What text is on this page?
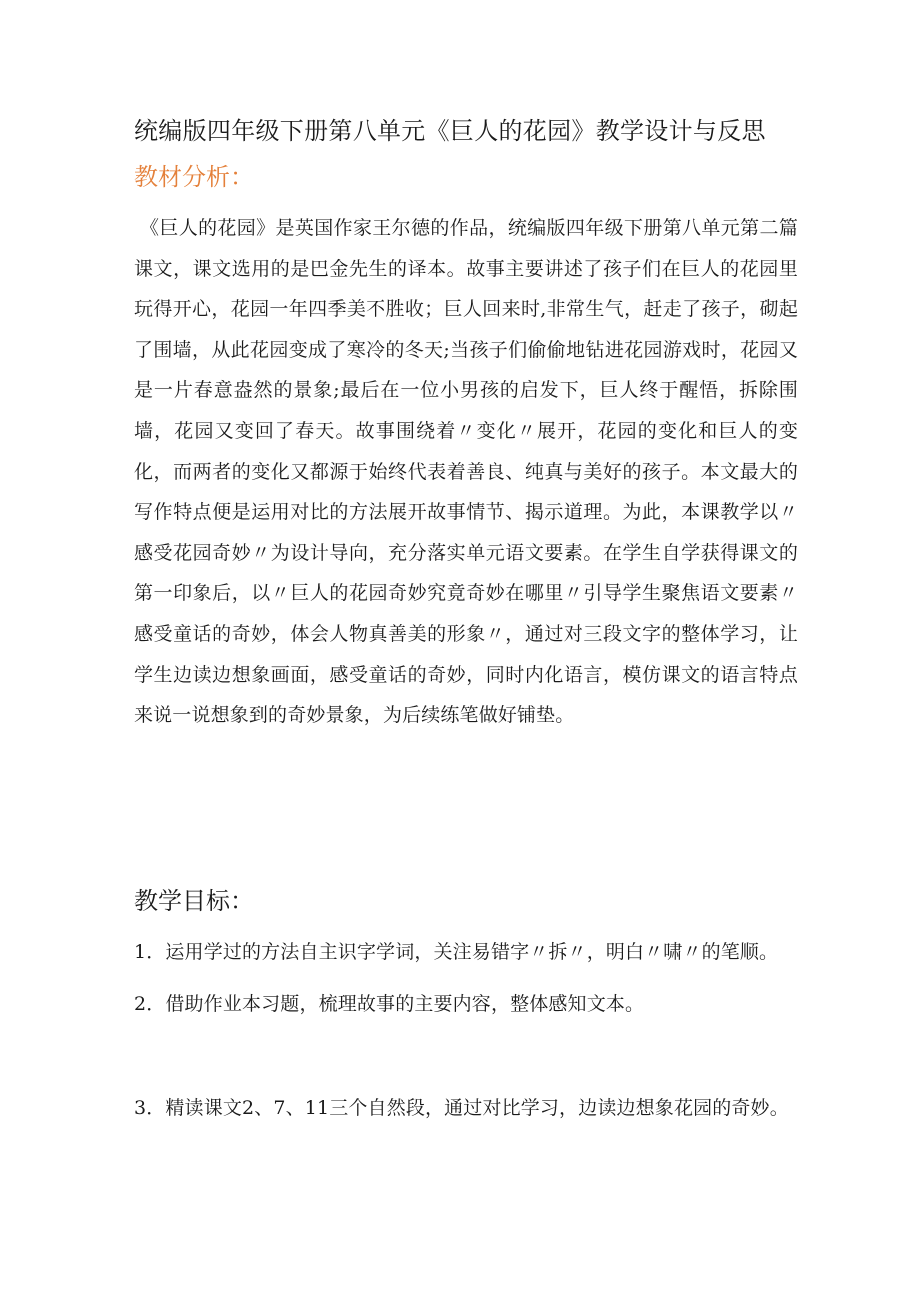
统编版四年级下册第八单元《巨人的花园》教学设计与反思
教材分析：
《巨人的花园》是英国作家王尔德的作品，统编版四年级下册第八单元第二篇课文，课文选用的是巴金先生的译本。故事主要讲述了孩子们在巨人的花园里玩得开心，花园一年四季美不胜收；巨人回来时,非常生气，赶走了孩子，砌起了围墙，从此花园变成了寒冷的冬天;当孩子们偷偷地钻进花园游戏时，花园又是一片春意盎然的景象;最后在一位小男孩的启发下，巨人终于醒悟，拆除围墙，花园又变回了春天。故事围绕着〃变化〃展开，花园的变化和巨人的变化，而两者的变化又都源于始终代表着善良、纯真与美好的孩子。本文最大的写作特点便是运用对比的方法展开故事情节、揭示道理。为此，本课教学以〃感受花园奇妙〃为设计导向，充分落实单元语文要素。在学生自学获得课文的第一印象后，以〃巨人的花园奇妙究竟奇妙在哪里〃引导学生聚焦语文要素〃感受童话的奇妙，体会人物真善美的形象〃，通过对三段文字的整体学习，让学生边读边想象画面，感受童话的奇妙，同时内化语言，模仿课文的语言特点来说一说想象到的奇妙景象，为后续练笔做好铺垫。
教学目标：
1．运用学过的方法自主识字学词，关注易错字〃拆〃，明白〃啸〃的笔顺。
2．借助作业本习题，梳理故事的主要内容，整体感知文本。
3．精读课文2、7、11三个自然段，通过对比学习，边读边想象花园的奇妙。
